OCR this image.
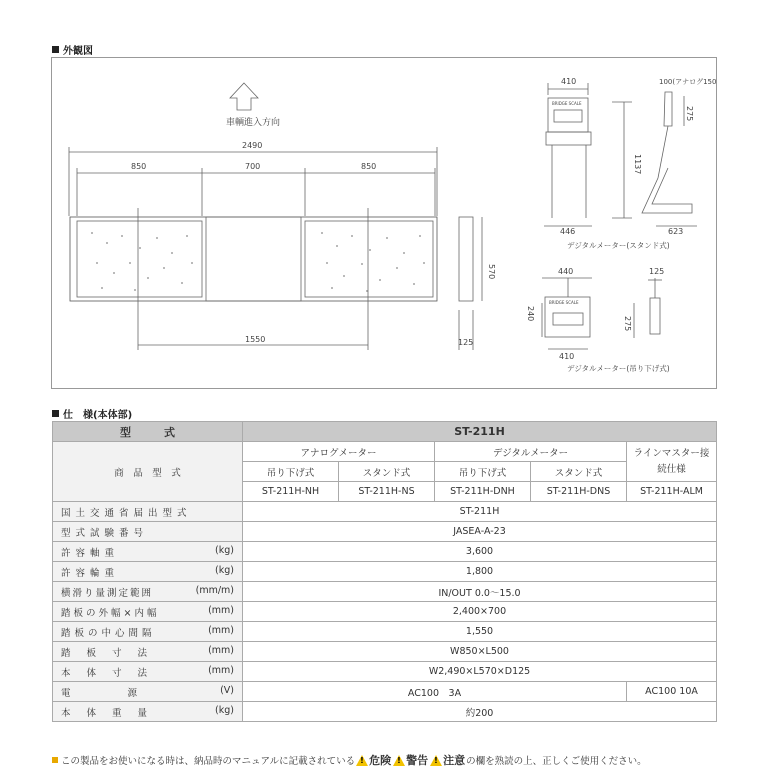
外観図
車輌進入方向
2490
850	700	850
1550
570
125
410
1137
446
100(アナログ150)
275
623
BRIDGE SCALE
デジタルメーター(スタンド式)
440
240
410
125
275
BRIDGE SCALE
デジタルメーター(吊り下げ式)
仕　様(本体部)
型　　　式	ST-211H				
商　品　型　式	アナログメーター		デジタルメーター		ラインマスター接続仕様
	吊り下げ式	スタンド式	吊り下げ式	スタンド式	
	ST-211H-NH	ST-211H-NS	ST-211H-DNH	ST-211H-DNS	ST-211H-ALM

国土交通省届出型式	ST-211H				

型式試験番号	JASEA-A-23				

許容軸重 (kg)	3,600				

許容輪重 (kg)	1,800				

横滑り量測定範囲 (mm/m)	IN/OUT 0.0～15.0				

踏板の外幅×内幅 (mm)	2,400×700				

踏板の中心間隔 (mm)	1,550				

踏板寸法 (mm)	W850×L500				

本体寸法 (mm)	W2,490×L570×D125				

電　　　　　　源 (V)	AC100　3A				AC100 10A

本体重量 (kg)	約200				
この製品をお使いになる時は、納品時のマニュアルに記載されている ! 危険 ! 警告 ! 注意 の欄を熟読の上、正しくご使用ください。
